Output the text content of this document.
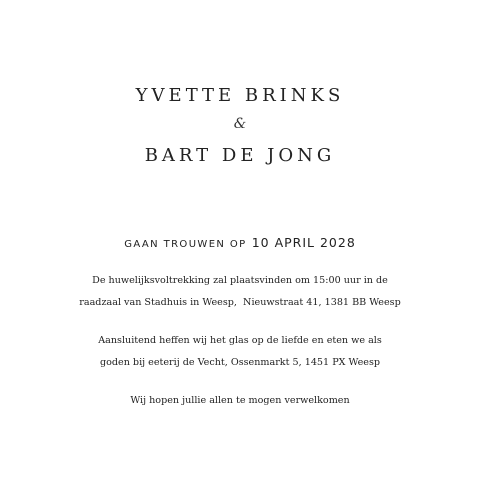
YVETTE BRINKS
&
BART DE JONG
GAAN TROUWEN OP 10 APRIL 2028
De huwelijksvoltrekking zal plaatsvinden om 15:00 uur in de
raadzaal van Stadhuis in Weesp,  Nieuwstraat 41, 1381 BB Weesp
Aansluitend heffen wij het glas op de liefde en eten we als
goden bij eeterij de Vecht, Ossenmarkt 5, 1451 PX Weesp
Wij hopen jullie allen te mogen verwelkomen
